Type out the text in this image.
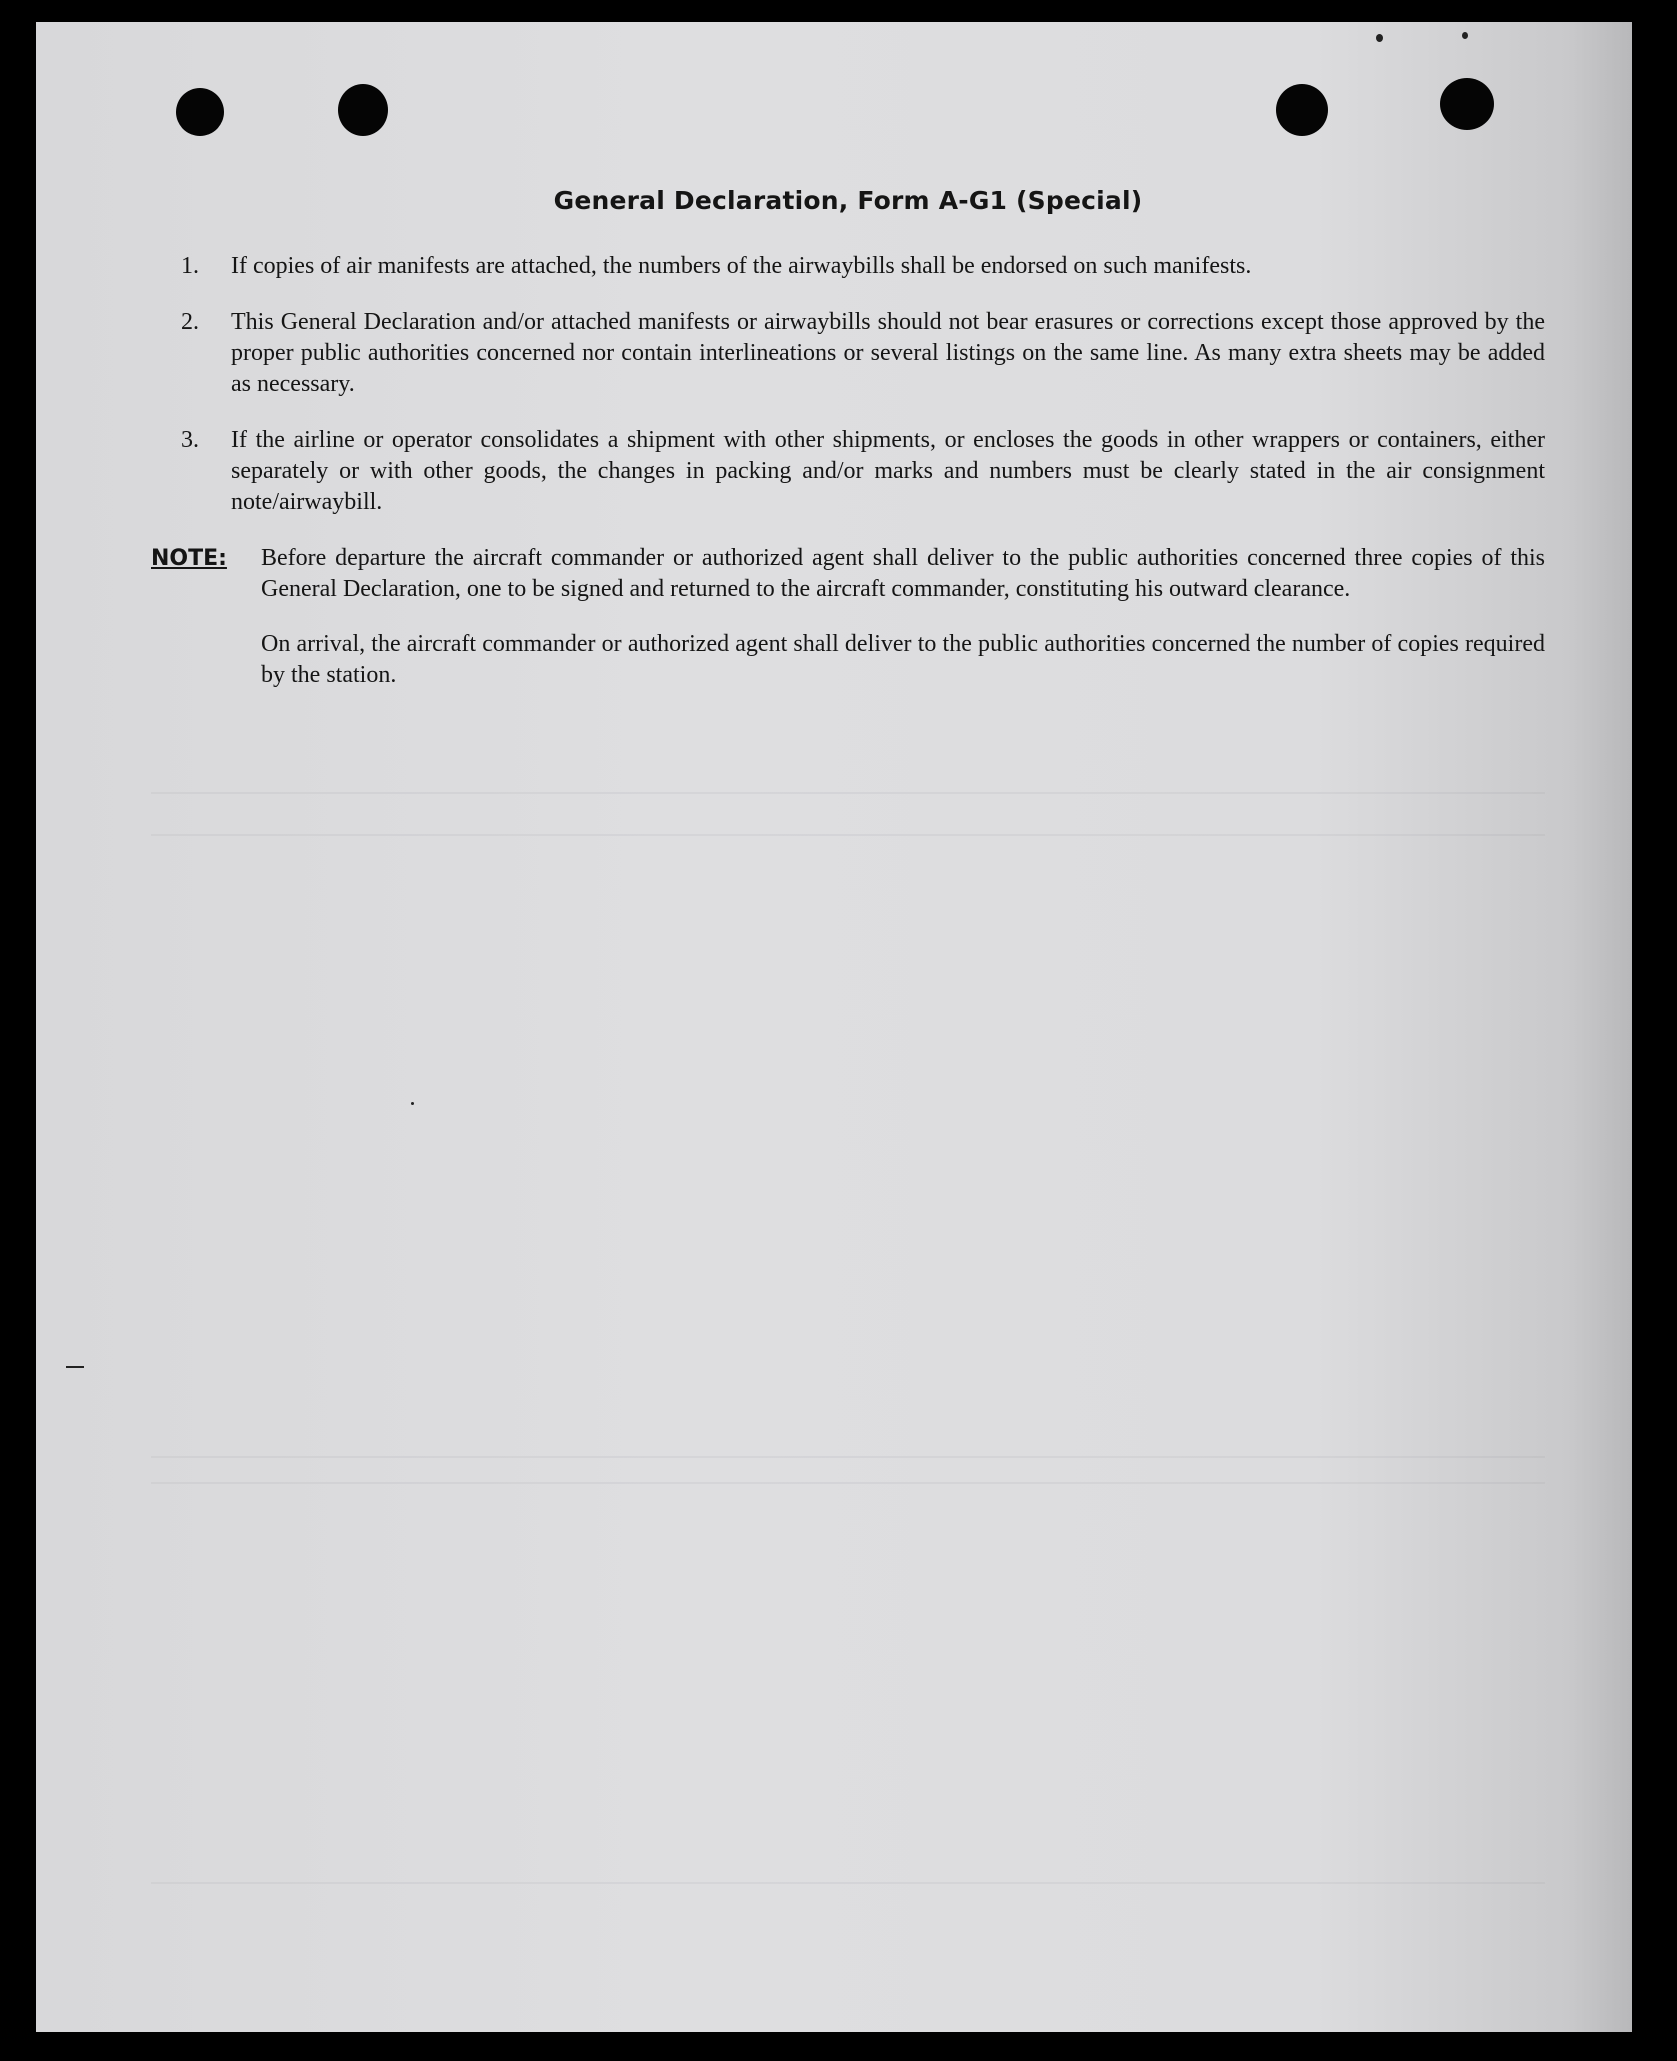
General Declaration, Form A-G1 (Special)
1.	If copies of air manifests are attached, the numbers of the airwaybills shall be endorsed on such manifests.
2.	This General Declaration and/or attached manifests or airwaybills should not bear erasures or corrections except those approved by the proper public authorities concerned nor contain interlineations or several listings on the same line. As many extra sheets may be added as necessary.
3.	If the airline or operator consolidates a shipment with other shipments, or encloses the goods in other wrappers or containers, either separately or with other goods, the changes in packing and/or marks and numbers must be clearly stated in the air consignment note/airwaybill.
NOTE:	Before departure the aircraft commander or authorized agent shall deliver to the public authorities concerned three copies of this General Declaration, one to be signed and returned to the aircraft commander, constituting his outward clearance.

On arrival, the aircraft commander or authorized agent shall deliver to the public authorities concerned the number of copies required by the station.
